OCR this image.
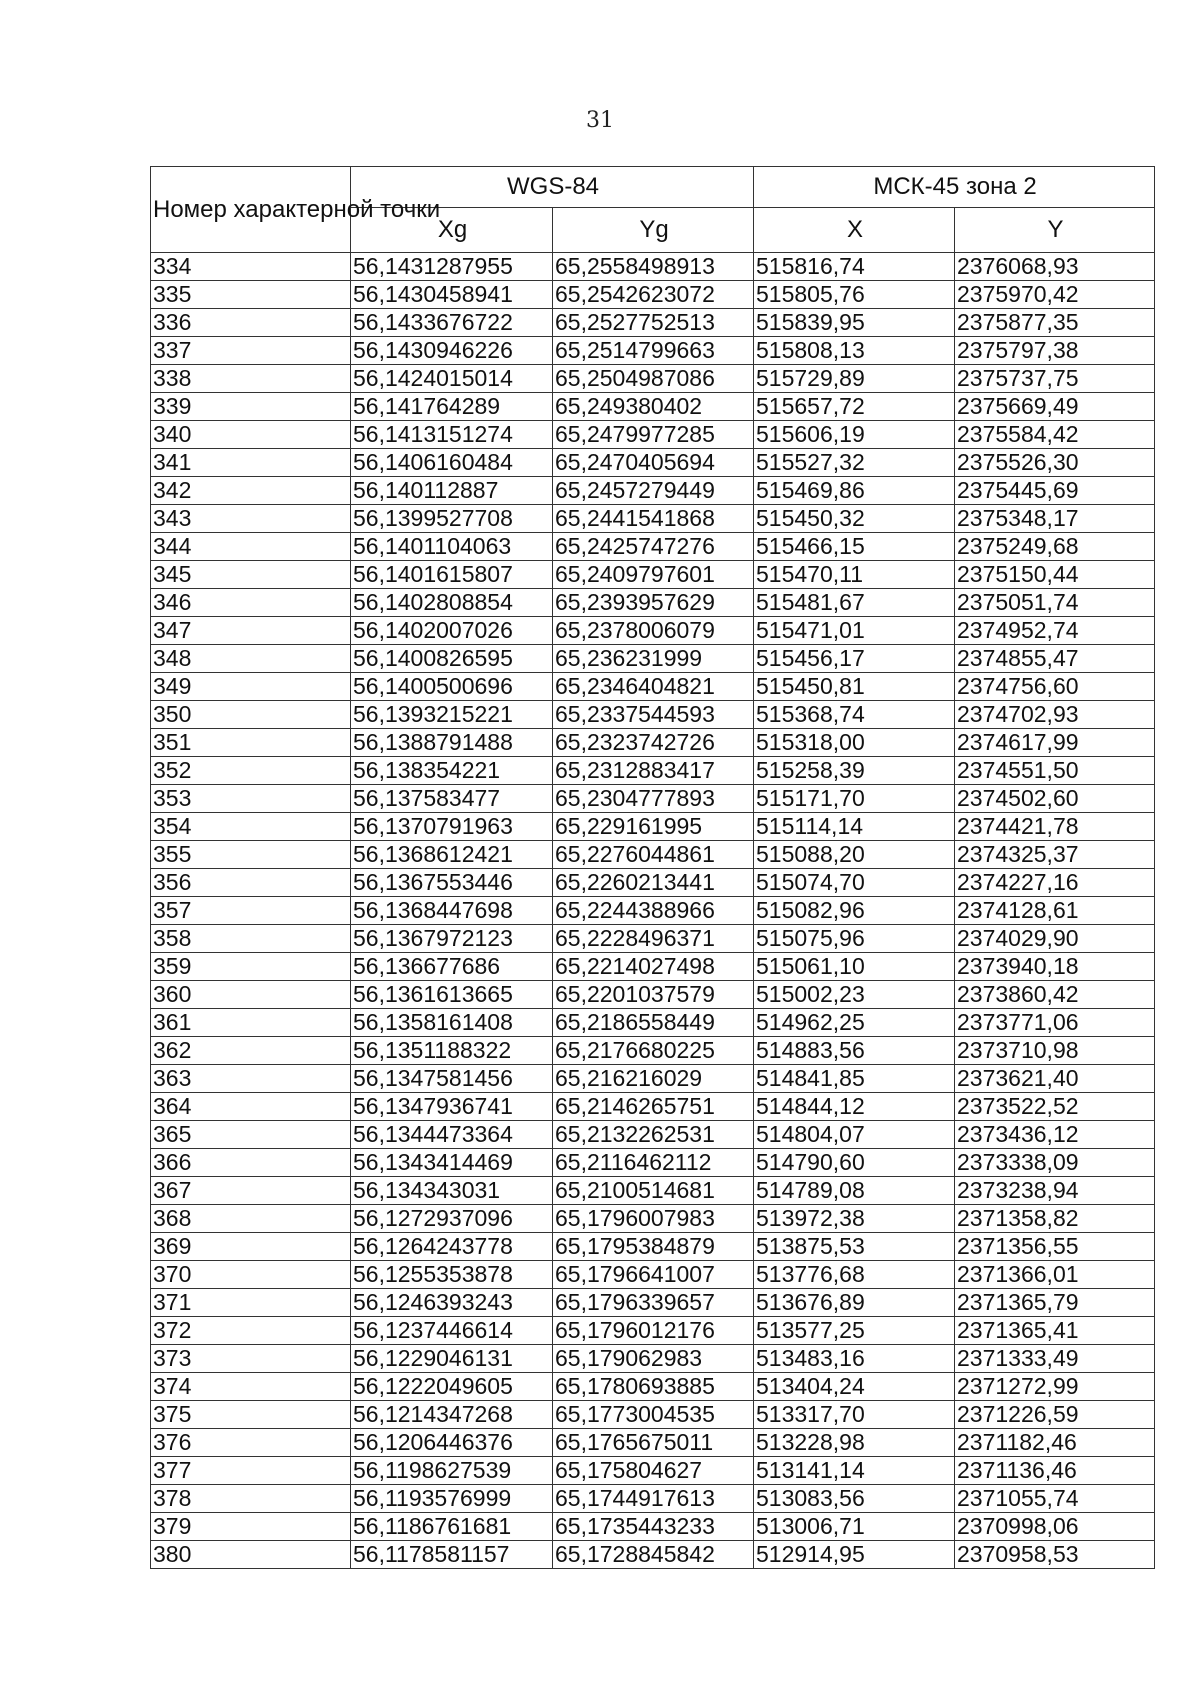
31
Номер характерной точки	WGS-84		МСК-45 зона 2	
	Xg	Yg	X	Y
334	56,1431287955	65,2558498913	515816,74	2376068,93
335	56,1430458941	65,2542623072	515805,76	2375970,42
336	56,1433676722	65,2527752513	515839,95	2375877,35
337	56,1430946226	65,2514799663	515808,13	2375797,38
338	56,1424015014	65,2504987086	515729,89	2375737,75
339	56,141764289	65,249380402	515657,72	2375669,49
340	56,1413151274	65,2479977285	515606,19	2375584,42
341	56,1406160484	65,2470405694	515527,32	2375526,30
342	56,140112887	65,2457279449	515469,86	2375445,69
343	56,1399527708	65,2441541868	515450,32	2375348,17
344	56,1401104063	65,2425747276	515466,15	2375249,68
345	56,1401615807	65,2409797601	515470,11	2375150,44
346	56,1402808854	65,2393957629	515481,67	2375051,74
347	56,1402007026	65,2378006079	515471,01	2374952,74
348	56,1400826595	65,236231999	515456,17	2374855,47
349	56,1400500696	65,2346404821	515450,81	2374756,60
350	56,1393215221	65,2337544593	515368,74	2374702,93
351	56,1388791488	65,2323742726	515318,00	2374617,99
352	56,138354221	65,2312883417	515258,39	2374551,50
353	56,137583477	65,2304777893	515171,70	2374502,60
354	56,1370791963	65,229161995	515114,14	2374421,78
355	56,1368612421	65,2276044861	515088,20	2374325,37
356	56,1367553446	65,2260213441	515074,70	2374227,16
357	56,1368447698	65,2244388966	515082,96	2374128,61
358	56,1367972123	65,2228496371	515075,96	2374029,90
359	56,136677686	65,2214027498	515061,10	2373940,18
360	56,1361613665	65,2201037579	515002,23	2373860,42
361	56,1358161408	65,2186558449	514962,25	2373771,06
362	56,1351188322	65,2176680225	514883,56	2373710,98
363	56,1347581456	65,216216029	514841,85	2373621,40
364	56,1347936741	65,2146265751	514844,12	2373522,52
365	56,1344473364	65,2132262531	514804,07	2373436,12
366	56,1343414469	65,2116462112	514790,60	2373338,09
367	56,134343031	65,2100514681	514789,08	2373238,94
368	56,1272937096	65,1796007983	513972,38	2371358,82
369	56,1264243778	65,1795384879	513875,53	2371356,55
370	56,1255353878	65,1796641007	513776,68	2371366,01
371	56,1246393243	65,1796339657	513676,89	2371365,79
372	56,1237446614	65,1796012176	513577,25	2371365,41
373	56,1229046131	65,179062983	513483,16	2371333,49
374	56,1222049605	65,1780693885	513404,24	2371272,99
375	56,1214347268	65,1773004535	513317,70	2371226,59
376	56,1206446376	65,1765675011	513228,98	2371182,46
377	56,1198627539	65,175804627	513141,14	2371136,46
378	56,1193576999	65,1744917613	513083,56	2371055,74
379	56,1186761681	65,1735443233	513006,71	2370998,06
380	56,1178581157	65,1728845842	512914,95	2370958,53
